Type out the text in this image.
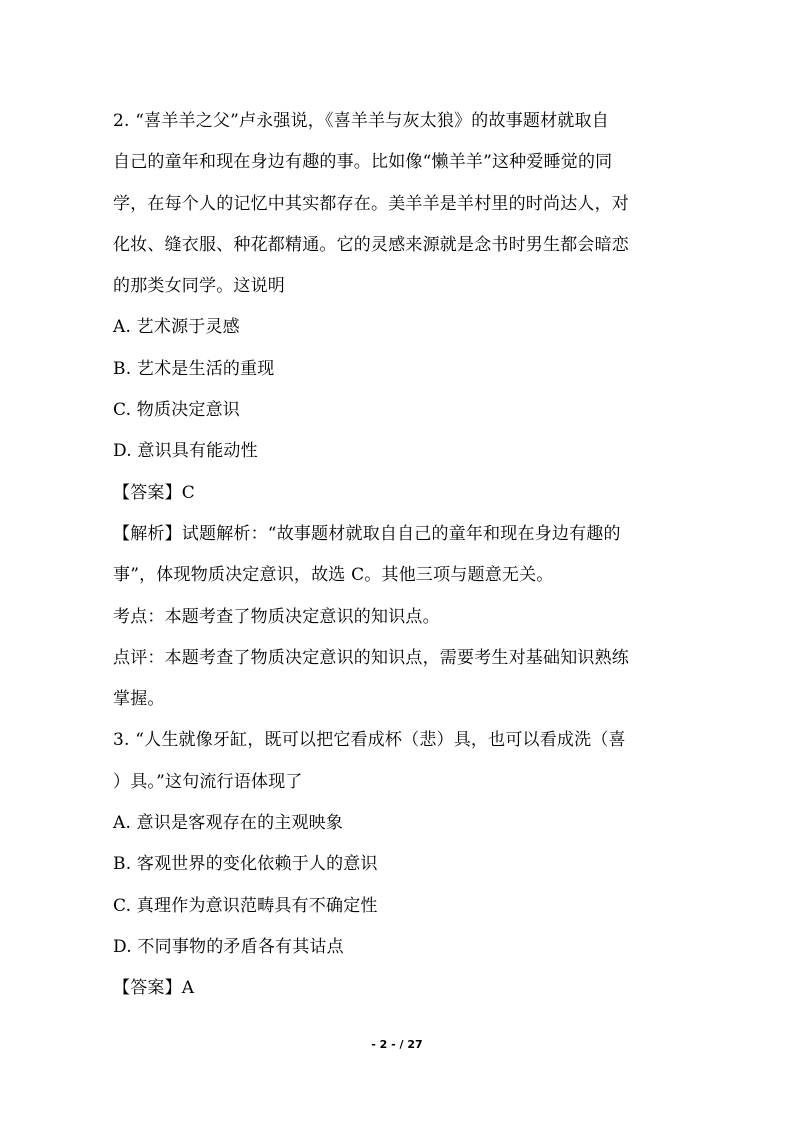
2. “喜羊羊之父”卢永强说，《喜羊羊与灰太狼》的故事题材就取自
自己的童年和现在身边有趣的事。比如像“懒羊羊”这种爱睡觉的同
学，在每个人的记忆中其实都存在。美羊羊是羊村里的时尚达人，对
化妆、缝衣服、种花都精通。它的灵感来源就是念书时男生都会暗恋
的那类女同学。这说明
A. 艺术源于灵感
B. 艺术是生活的重现
C. 物质决定意识
D. 意识具有能动性
【答案】C
【解析】试题解析：“故事题材就取自自己的童年和现在身边有趣的
事”，体现物质决定意识，故选 C。其他三项与题意无关。
考点：本题考查了物质决定意识的知识点。
点评：本题考查了物质决定意识的知识点，需要考生对基础知识熟练
掌握。
3. “人生就像牙缸，既可以把它看成杯（悲）具，也可以看成洗（喜
）具。”这句流行语体现了
A. 意识是客观存在的主观映象
B. 客观世界的变化依赖于人的意识
C. 真理作为意识范畴具有不确定性
D. 不同事物的矛盾各有其诂点
【答案】A
- 2 - / 27
